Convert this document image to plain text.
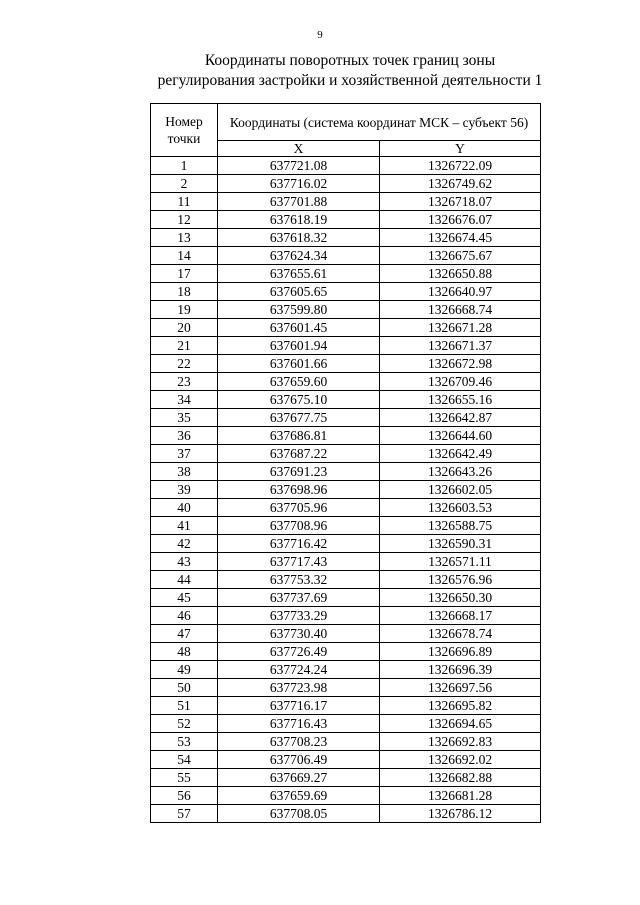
9
Координаты поворотных точек границ зоны
регулирования застройки и хозяйственной деятельности 1
Номер точки	Координаты (система координат МСК – субъект 56)	
	X	Y
1	637721.08	1326722.09
2	637716.02	1326749.62
11	637701.88	1326718.07
12	637618.19	1326676.07
13	637618.32	1326674.45
14	637624.34	1326675.67
17	637655.61	1326650.88
18	637605.65	1326640.97
19	637599.80	1326668.74
20	637601.45	1326671.28
21	637601.94	1326671.37
22	637601.66	1326672.98
23	637659.60	1326709.46
34	637675.10	1326655.16
35	637677.75	1326642.87
36	637686.81	1326644.60
37	637687.22	1326642.49
38	637691.23	1326643.26
39	637698.96	1326602.05
40	637705.96	1326603.53
41	637708.96	1326588.75
42	637716.42	1326590.31
43	637717.43	1326571.11
44	637753.32	1326576.96
45	637737.69	1326650.30
46	637733.29	1326668.17
47	637730.40	1326678.74
48	637726.49	1326696.89
49	637724.24	1326696.39
50	637723.98	1326697.56
51	637716.17	1326695.82
52	637716.43	1326694.65
53	637708.23	1326692.83
54	637706.49	1326692.02
55	637669.27	1326682.88
56	637659.69	1326681.28
57	637708.05	1326786.12
